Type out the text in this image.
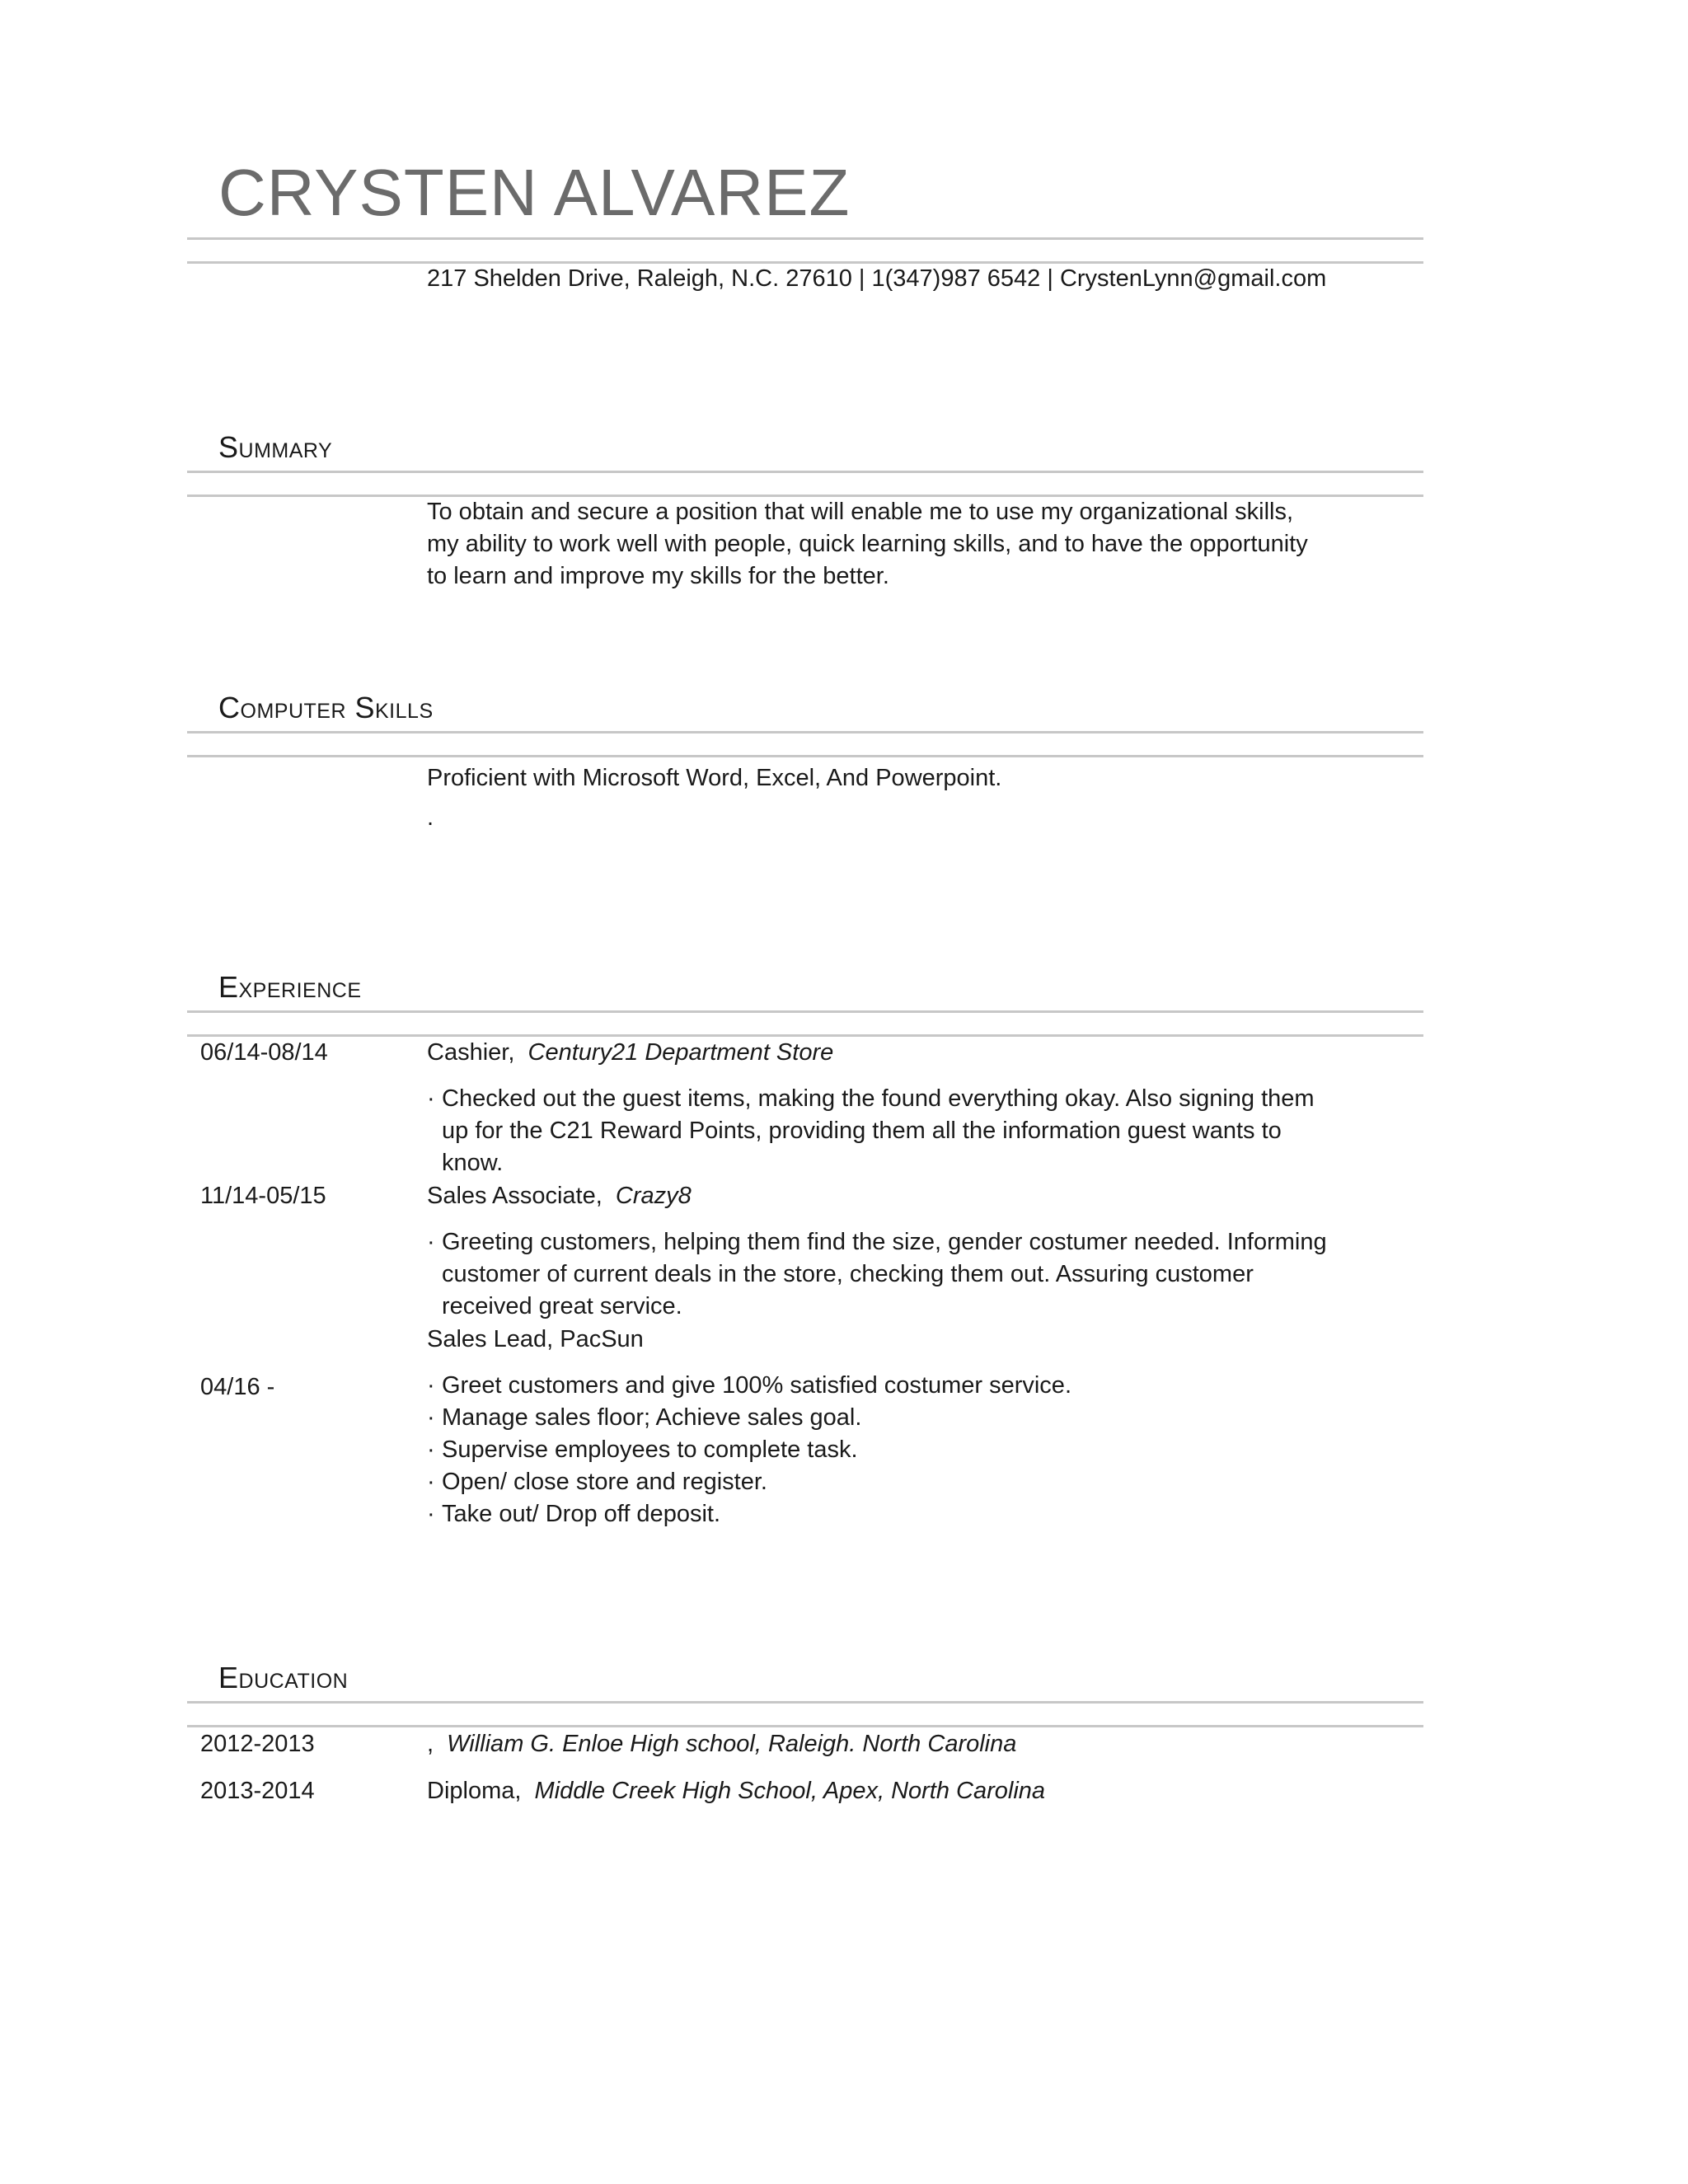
CRYSTEN ALVAREZ
217 Shelden Drive, Raleigh, N.C. 27610 | 1(347)987 6542 | CrystenLynn@gmail.com
Summary
To obtain and secure a position that will enable me to use my organizational skills,
my ability to work well with people, quick learning skills, and to have the opportunity
to learn and improve my skills for the better.
Computer Skills
Proficient with Microsoft Word, Excel, And Powerpoint.
.
Experience
06/14-08/14	Cashier,  Century21 Department Store
· Checked out the guest items, making the found everything okay. Also signing them
up for the C21 Reward Points, providing them all the information guest wants to
know.
11/14-05/15	Sales Associate,  Crazy8
· Greeting customers, helping them find the size, gender costumer needed. Informing
customer of current deals in the store, checking them out. Assuring customer
received great service.
Sales Lead, PacSun
04/16 -	· Greet customers and give 100% satisfied costumer service.
· Manage sales floor; Achieve sales goal.
· Supervise employees to complete task.
· Open/ close store and register.
· Take out/ Drop off deposit.
Education
2012-2013	,  William G. Enloe High school, Raleigh. North Carolina
2013-2014	Diploma,  Middle Creek High School, Apex, North Carolina
